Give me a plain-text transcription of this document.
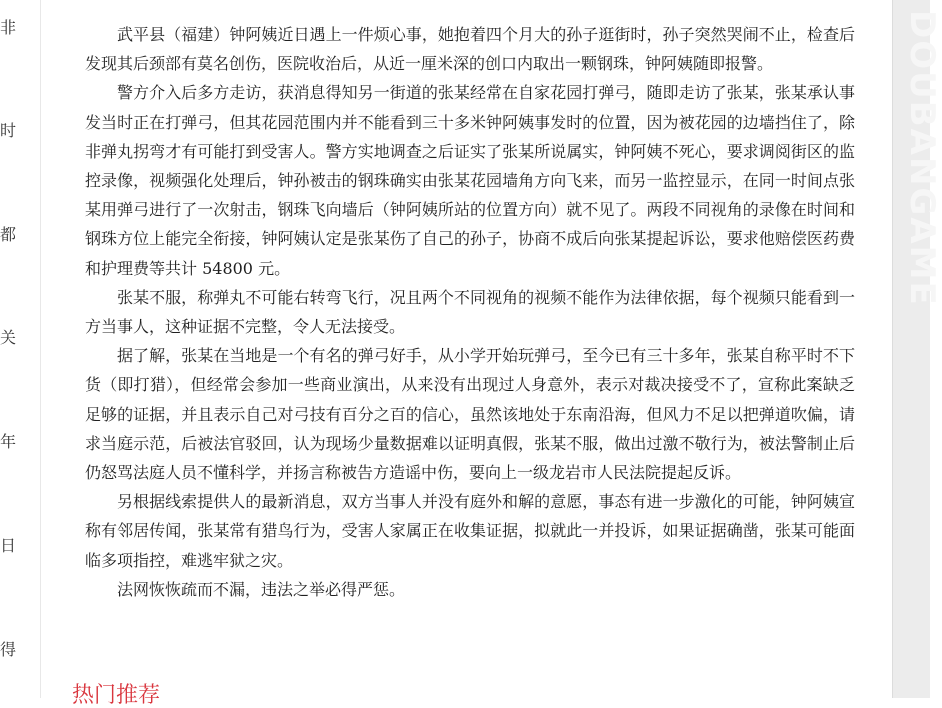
非
时
都
关
年
日
得

武平县（福建）钟阿姨近日遇上一件烦心事，她抱着四个月大的孙子逛街时，孙子突然哭闹不止，检查后发现其后颈部有莫名创伤，医院收治后，从近一厘米深的创口内取出一颗钢珠，钟阿姨随即报警。

警方介入后多方走访，获消息得知另一街道的张某经常在自家花园打弹弓，随即走访了张某，张某承认事发当时正在打弹弓，但其花园范围内并不能看到三十多米钟阿姨事发时的位置，因为被花园的边墙挡住了，除非弹丸拐弯才有可能打到受害人。警方实地调查之后证实了张某所说属实，钟阿姨不死心，要求调阅街区的监控录像，视频强化处理后，钟孙被击的钢珠确实由张某花园墙角方向飞来，而另一监控显示，在同一时间点张某用弹弓进行了一次射击，钢珠飞向墙后（钟阿姨所站的位置方向）就不见了。两段不同视角的录像在时间和钢珠方位上能完全衔接，钟阿姨认定是张某伤了自己的孙子，协商不成后向张某提起诉讼，要求他赔偿医药费和护理费等共计 54800 元。

张某不服，称弹丸不可能右转弯飞行，况且两个不同视角的视频不能作为法律依据，每个视频只能看到一方当事人，这种证据不完整，令人无法接受。

据了解，张某在当地是一个有名的弹弓好手，从小学开始玩弹弓，至今已有三十多年，张某自称平时不下货（即打猎），但经常会参加一些商业演出，从来没有出现过人身意外，表示对裁决接受不了，宣称此案缺乏足够的证据，并且表示自己对弓技有百分之百的信心，虽然该地处于东南沿海，但风力不足以把弹道吹偏，请求当庭示范，后被法官驳回，认为现场少量数据难以证明真假，张某不服，做出过激不敬行为，被法警制止后仍怒骂法庭人员不懂科学，并扬言称被告方造谣中伤，要向上一级龙岩市人民法院提起反诉。

另根据线索提供人的最新消息，双方当事人并没有庭外和解的意愿，事态有进一步激化的可能，钟阿姨宣称有邻居传闻，张某常有猎鸟行为，受害人家属正在收集证据，拟就此一并投诉，如果证据确凿，张某可能面临多项指控，难逃牢狱之灾。

法网恢恢疏而不漏，违法之举必得严惩。

热门推荐
DOUBANGAME
